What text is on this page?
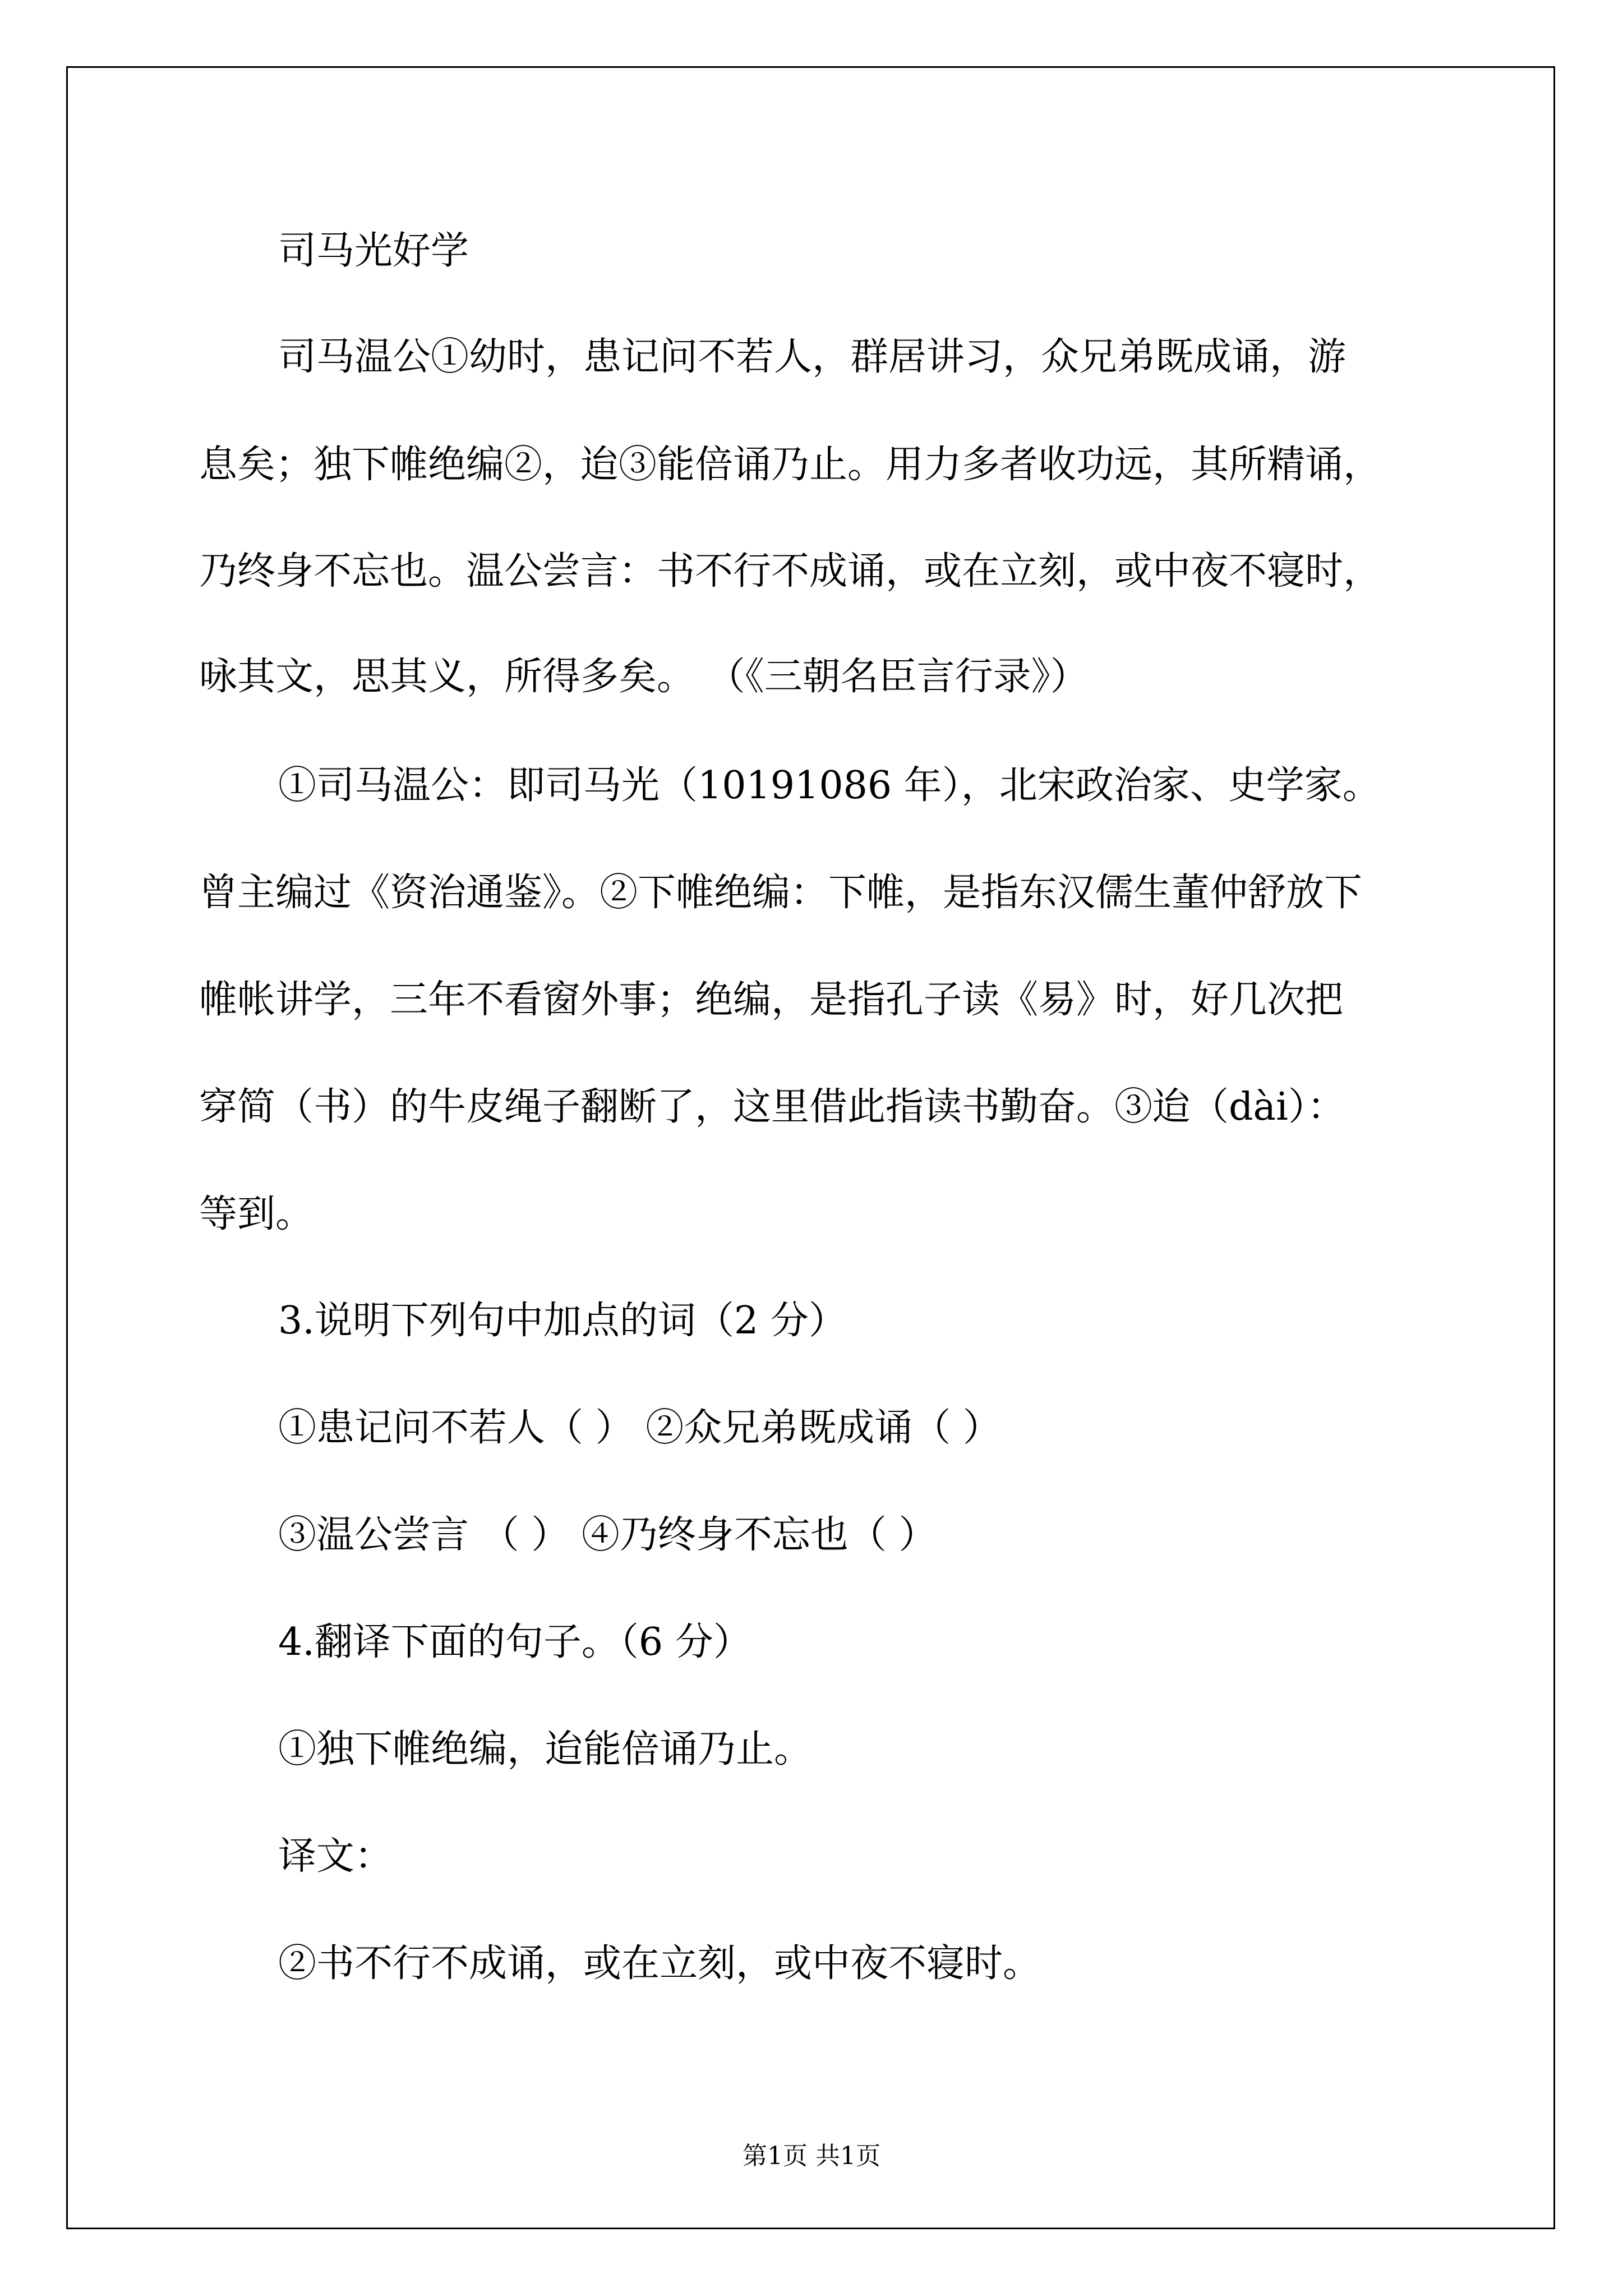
司马光好学

司马温公①幼时，患记问不若人，群居讲习，众兄弟既成诵，游

息矣；独下帷绝编②，迨③能倍诵乃止。用力多者收功远，其所精诵，

乃终身不忘也。温公尝言：书不行不成诵，或在立刻，或中夜不寝时，

咏其文，思其义，所得多矣。 （《三朝名臣言行录》）

①司马温公：即司马光（10191086 年），北宋政治家、史学家。

曾主编过《资治通鉴》。②下帷绝编：下帷，是指东汉儒生董仲舒放下

帷帐讲学，三年不看窗外事；绝编，是指孔子读《易》时，好几次把

穿简（书）的牛皮绳子翻断了，这里借此指读书勤奋。③迨（dài）：

等到。

3.说明下列句中加点的词（2 分）

①患记问不若人（ ） ②众兄弟既成诵（ ）

③温公尝言 （ ） ④乃终身不忘也（ ）

4.翻译下面的句子。（6 分）

①独下帷绝编，迨能倍诵乃止。

译文：

②书不行不成诵，或在立刻，或中夜不寝时。

第1页 共1页
